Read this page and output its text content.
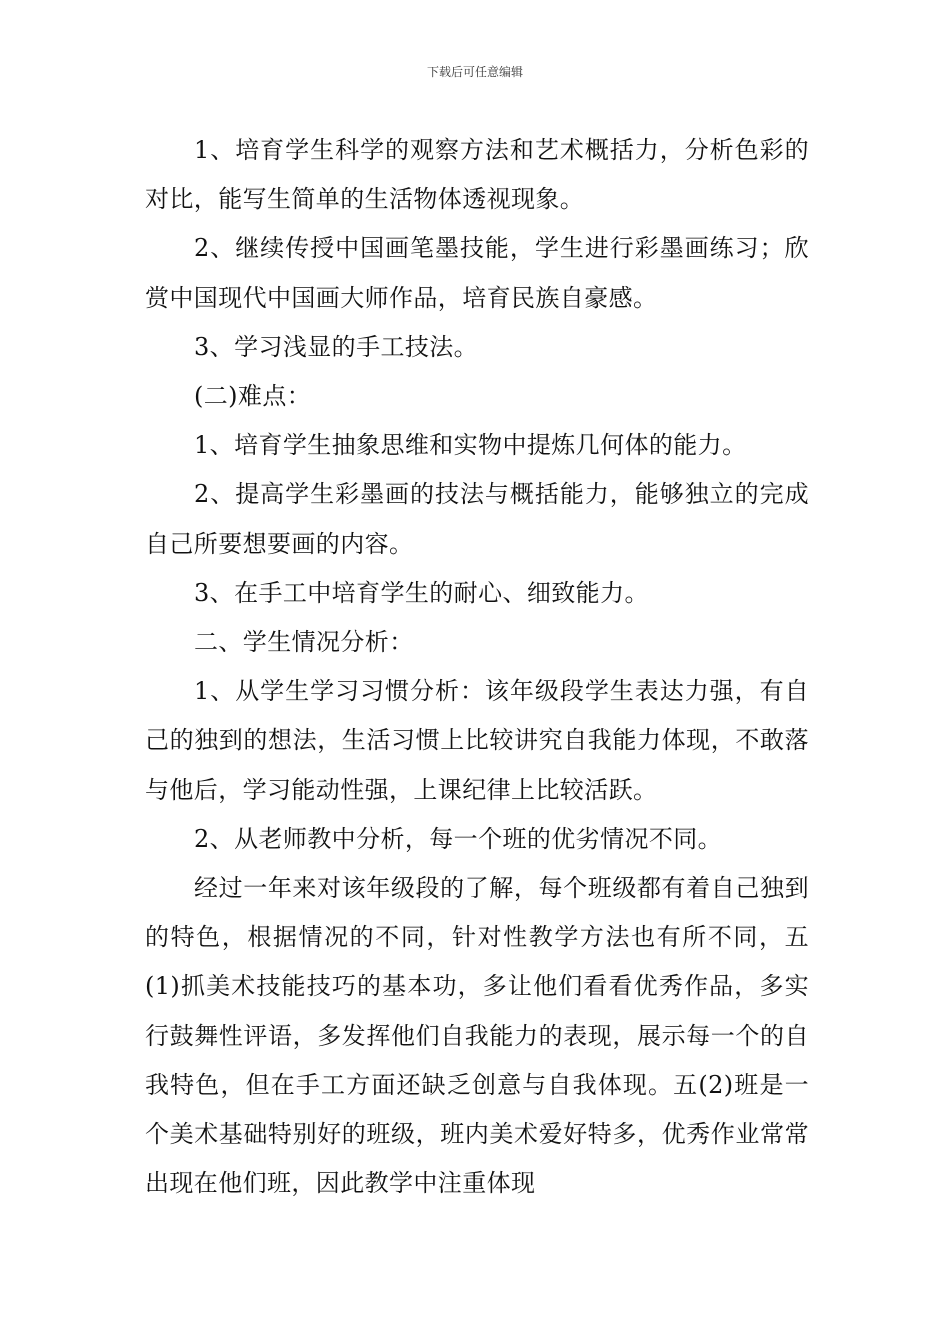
下载后可任意编辑

1、培育学生科学的观察方法和艺术概括力，分析色彩的对比，能写生简单的生活物体透视现象。

2、继续传授中国画笔墨技能，学生进行彩墨画练习；欣赏中国现代中国画大师作品，培育民族自豪感。

3、学习浅显的手工技法。

(二)难点：

1、培育学生抽象思维和实物中提炼几何体的能力。

2、提高学生彩墨画的技法与概括能力，能够独立的完成自己所要想要画的内容。

3、在手工中培育学生的耐心、细致能力。

二、学生情况分析：

1、从学生学习习惯分析：该年级段学生表达力强，有自己的独到的想法，生活习惯上比较讲究自我能力体现，不敢落与他后，学习能动性强，上课纪律上比较活跃。

2、从老师教中分析，每一个班的优劣情况不同。

经过一年来对该年级段的了解，每个班级都有着自己独到的特色，根据情况的不同，针对性教学方法也有所不同，五(1)抓美术技能技巧的基本功，多让他们看看优秀作品，多实行鼓舞性评语，多发挥他们自我能力的表现，展示每一个的自我特色，但在手工方面还缺乏创意与自我体现。五(2)班是一个美术基础特别好的班级，班内美术爱好特多，优秀作业常常出现在他们班，因此教学中注重体现
